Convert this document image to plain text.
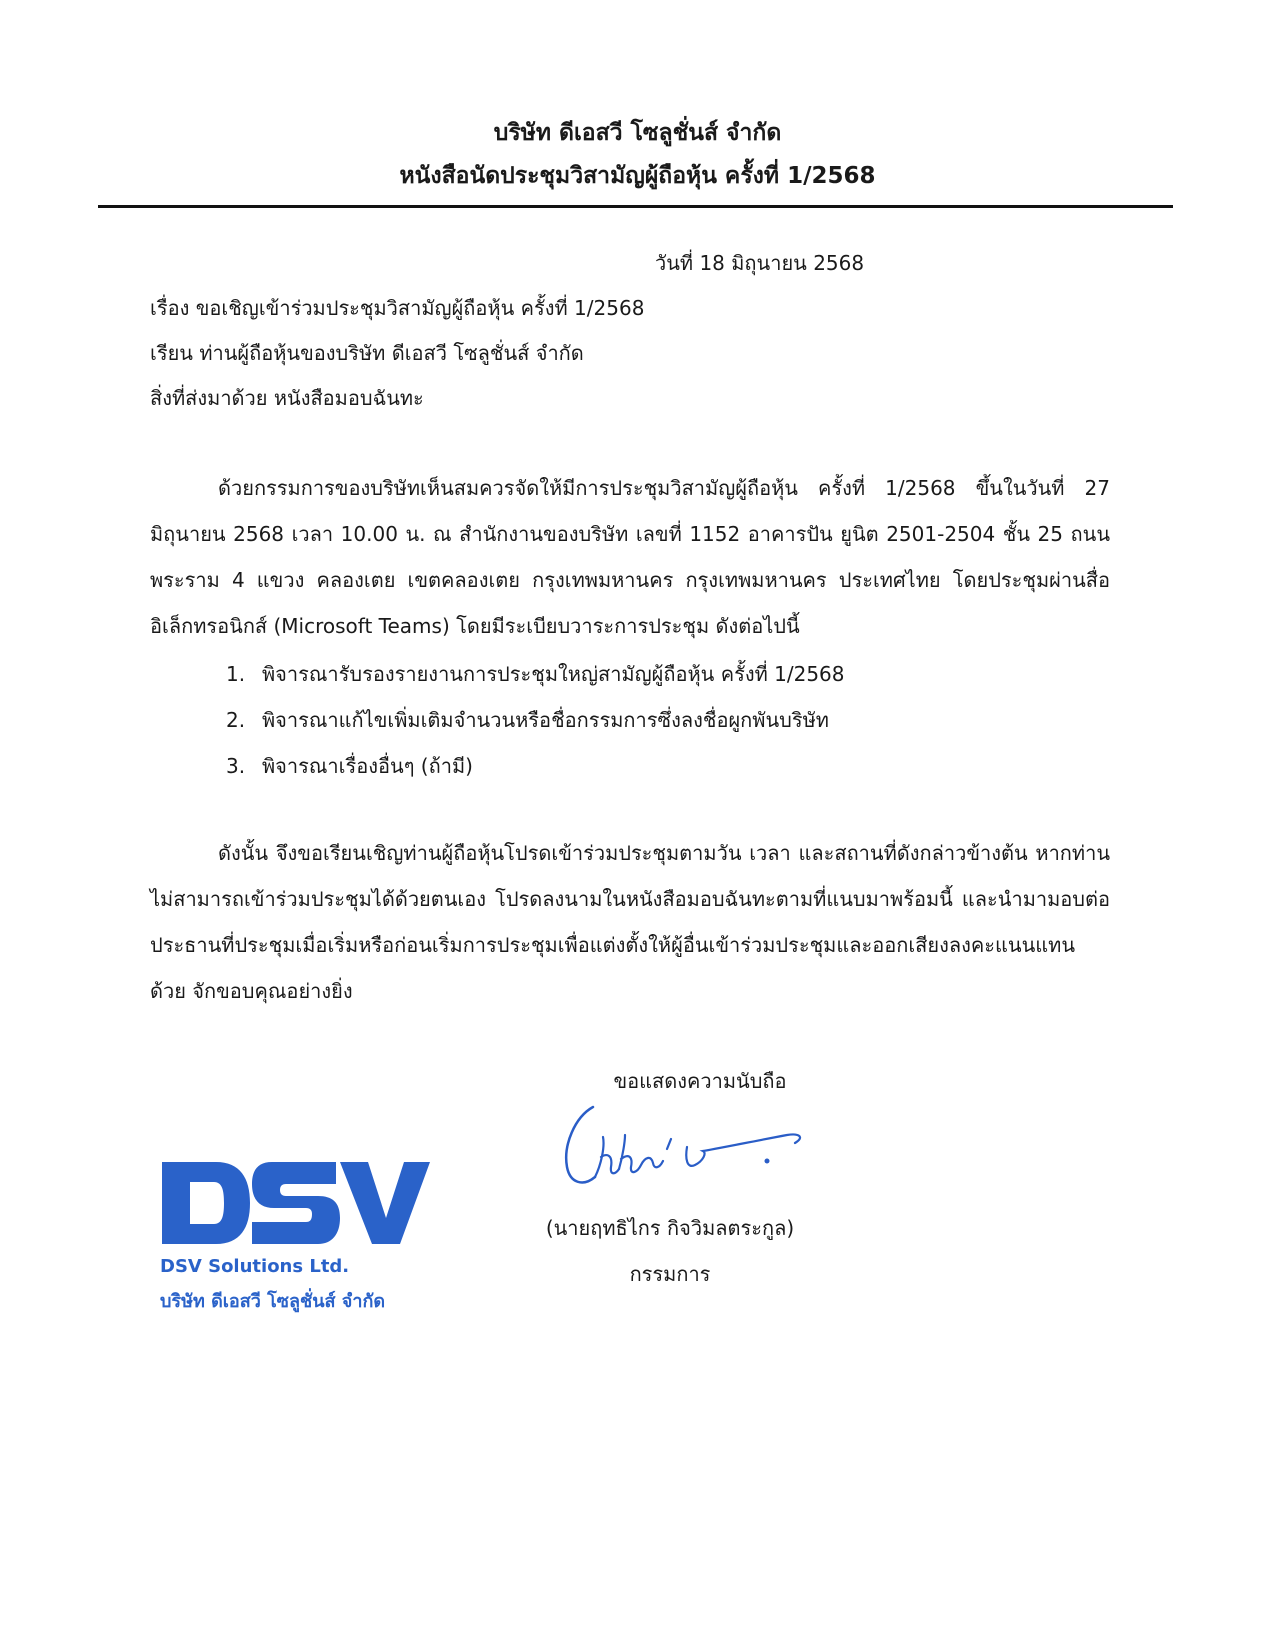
บริษัท ดีเอสวี โซลูชั่นส์ จำกัด
หนังสือนัดประชุมวิสามัญผู้ถือหุ้น ครั้งที่ 1/2568
วันที่ 18 มิถุนายน 2568
เรื่อง ขอเชิญเข้าร่วมประชุมวิสามัญผู้ถือหุ้น ครั้งที่ 1/2568
เรียน ท่านผู้ถือหุ้นของบริษัท ดีเอสวี โซลูชั่นส์ จำกัด
สิ่งที่ส่งมาด้วย หนังสือมอบฉันทะ
ด้วยกรรมการของบริษัทเห็นสมควรจัดให้มีการประชุมวิสามัญผู้ถือหุ้น ครั้งที่ 1/2568 ขึ้นในวันที่ 27 มิถุนายน 2568 เวลา 10.00 น. ณ สำนักงานของบริษัท เลขที่ 1152 อาคารปัน ยูนิต 2501-2504 ชั้น 25 ถนนพระราม 4 แขวง คลองเตย เขตคลองเตย กรุงเทพมหานคร กรุงเทพมหานคร ประเทศไทย โดยประชุมผ่านสื่ออิเล็กทรอนิกส์ (Microsoft Teams) โดยมีระเบียบวาระการประชุม ดังต่อไปนี้
1. พิจารณารับรองรายงานการประชุมใหญ่สามัญผู้ถือหุ้น ครั้งที่ 1/2568
2. พิจารณาแก้ไขเพิ่มเติมจำนวนหรือชื่อกรรมการซึ่งลงชื่อผูกพันบริษัท
3. พิจารณาเรื่องอื่นๆ (ถ้ามี)
ดังนั้น จึงขอเรียนเชิญท่านผู้ถือหุ้นโปรดเข้าร่วมประชุมตามวัน เวลา และสถานที่ดังกล่าวข้างต้น หากท่านไม่สามารถเข้าร่วมประชุมได้ด้วยตนเอง โปรดลงนามในหนังสือมอบฉันทะตามที่แนบมาพร้อมนี้ และนำมามอบต่อประธานที่ประชุมเมื่อเริ่มหรือก่อนเริ่มการประชุมเพื่อแต่งตั้งให้ผู้อื่นเข้าร่วมประชุมและออกเสียงลงคะแนนแทนด้วย จักขอบคุณอย่างยิ่ง
ขอแสดงความนับถือ
(นายฤทธิไกร กิจวิมลตระกูล)
กรรมการ
DSV Solutions Ltd.
บริษัท ดีเอสวี โซลูชั่นส์ จำกัด
